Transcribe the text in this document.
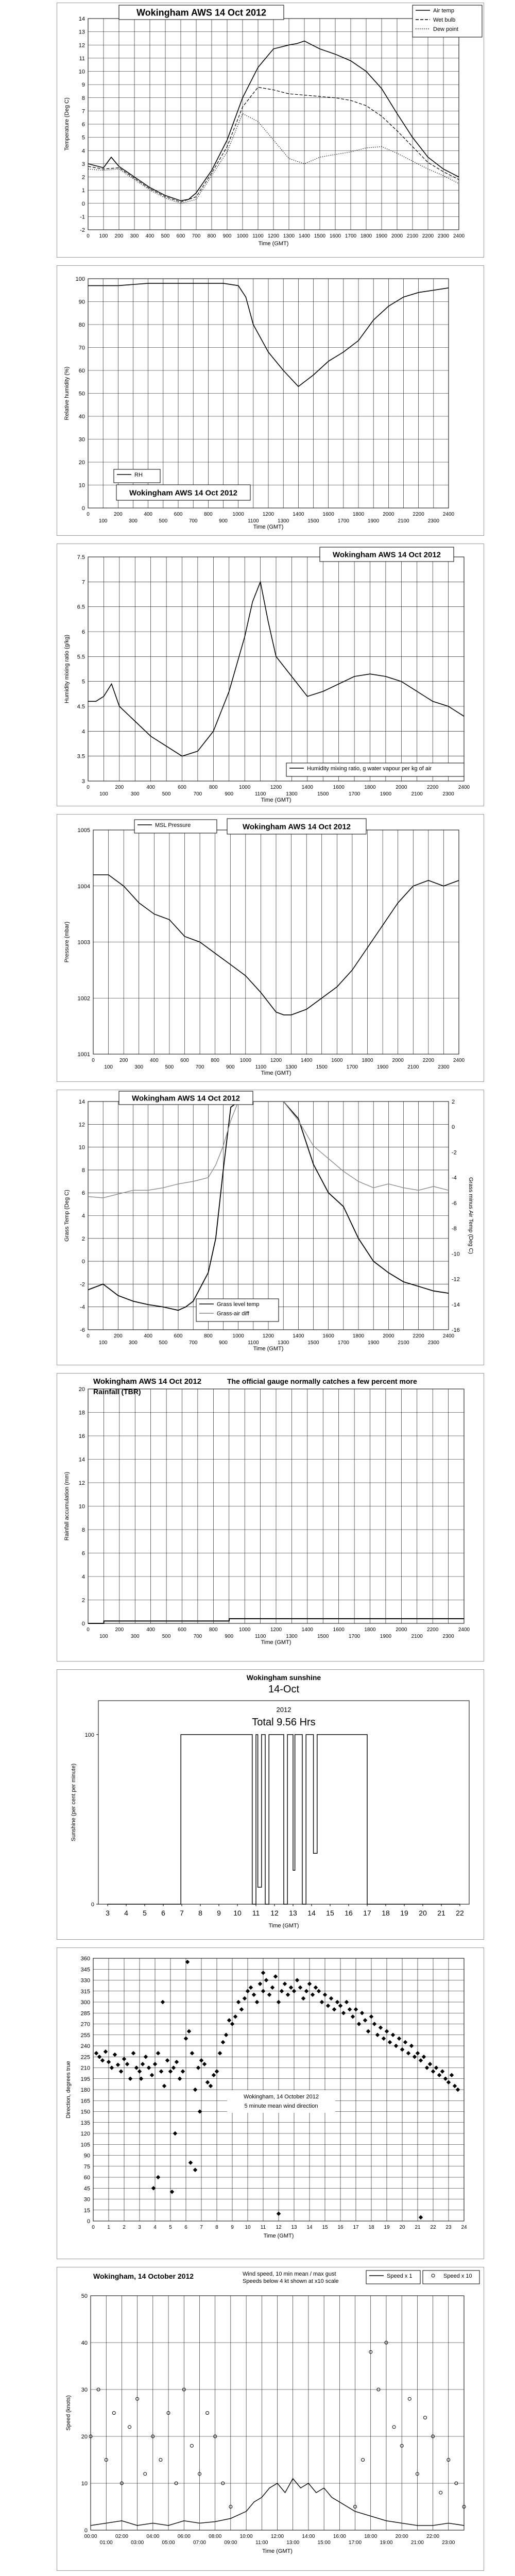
-2
-1
0
1
2
3
4
5
6
7
8
9
10
11
12
13
14
0 100 200 300 400 500 600 700 800 900 1000 1100 1200 1300 1400 1500 1600 1700 1800 1900 2000 2100 2200 2300 2400
Time (GMT)
Temperature (Deg C)
Wokingham AWS 14 Oct 2012	Air temp
Wet bulb
Dew point
0
10
20
30
40
50
60
70
80
90
100
0
100
200
300
400
500
600
700
800
900
1000
1100
1200
1300
1400
1500
1600
1700
1800
1900
2000
2100
2200
2300
2400
Time (GMT)
Relative humidity (%)
RH
Wokingham AWS 14 Oct 2012
3
3.5
4
4.5
5
5.5
6
6.5
7
7.5
0
100
200
300
400
500
600
700
800
900
1000
1100
1200
1300
1400
1500
1600
1700
1800
1900
2000
2100
2200
2300
2400
Time (GMT)
Humidity mixing ratio (g/kg)
Wokingham AWS 14 Oct 2012
Humidity mixing ratio, g water vapour per kg of air
1001
1002
1003
1004
1005
0
100
200
300
400
500
600
700
800
900
1000
1100
1200
1300
1400
1500
1600
1700
1800
1900
2000
2100
2200
2300
2400
Time (GMT)
Pressure (mbar)
MSL Pressure	Wokingham AWS 14 Oct 2012
-6
-4
-2
0
2
4
6
8
10
12
14
0
100
200
300
400
500
600
700
800
900
1000
1100
1200
1300
1400
1500
1600
1700
1800
1900
2000
2100
2200
2300
2400
-16
-14
-12
-10
-8
-6
-4
-2
0
2
Time (GMT)
Grass Temp (Deg C)	Grass minus Air Temp (Deg C)
Wokingham AWS 14 Oct 2012
Grass level temp
Grass-air diff
0
2
4
6
8
10
12
14
16
18
20
0
100
200
300
400
500
600
700
800
900
1000
1100
1200
1300
1400
1500
1600
1700
1800
1900
2000
2100
2200
2300
2400
Time (GMT)
Rainfall accumulation (mm)
Wokingham AWS 14 Oct 2012	The official gauge normally catches a few percent more
Rainfall (TBR)
0
100
3 4 5 6 7 8 9 10 11 12 13 14 15 16 17 18 19 20 21 22
Time (GMT)
Sunshine (per cent per minute)
Wokingham sunshine
14-Oct
2012
Total 9.56 Hrs
0
15
30
45
60
75
90
105
120
135
150
165
180
195
210
225
240
255
270
285
300
315
330
345
360
0 1 2 3 4 5 6 7 8 9 10 11 12 13 14 15 16 17 18 19 20 21 22 23 24
Time (GMT)
Direction, degrees true	Wokingham, 14 October 2012
5 minute mean wind direction
0
10
20
30
40
50
00:00	02:00	04:00	06:00	08:00	10:00	12:00	14:00	16:00	18:00	20:00	22:00
01:00	03:00	05:00	07:00	09:00	11:00	13:00	15:00	17:00	19:00	21:00	23:00
Time (GMT)
Speed (knots)
Wokingham, 14 October 2012	Wind speed, 10 min mean / max gust
Speeds below 4 kt shown at x10 scale
Speed x 1	Speed x 10
